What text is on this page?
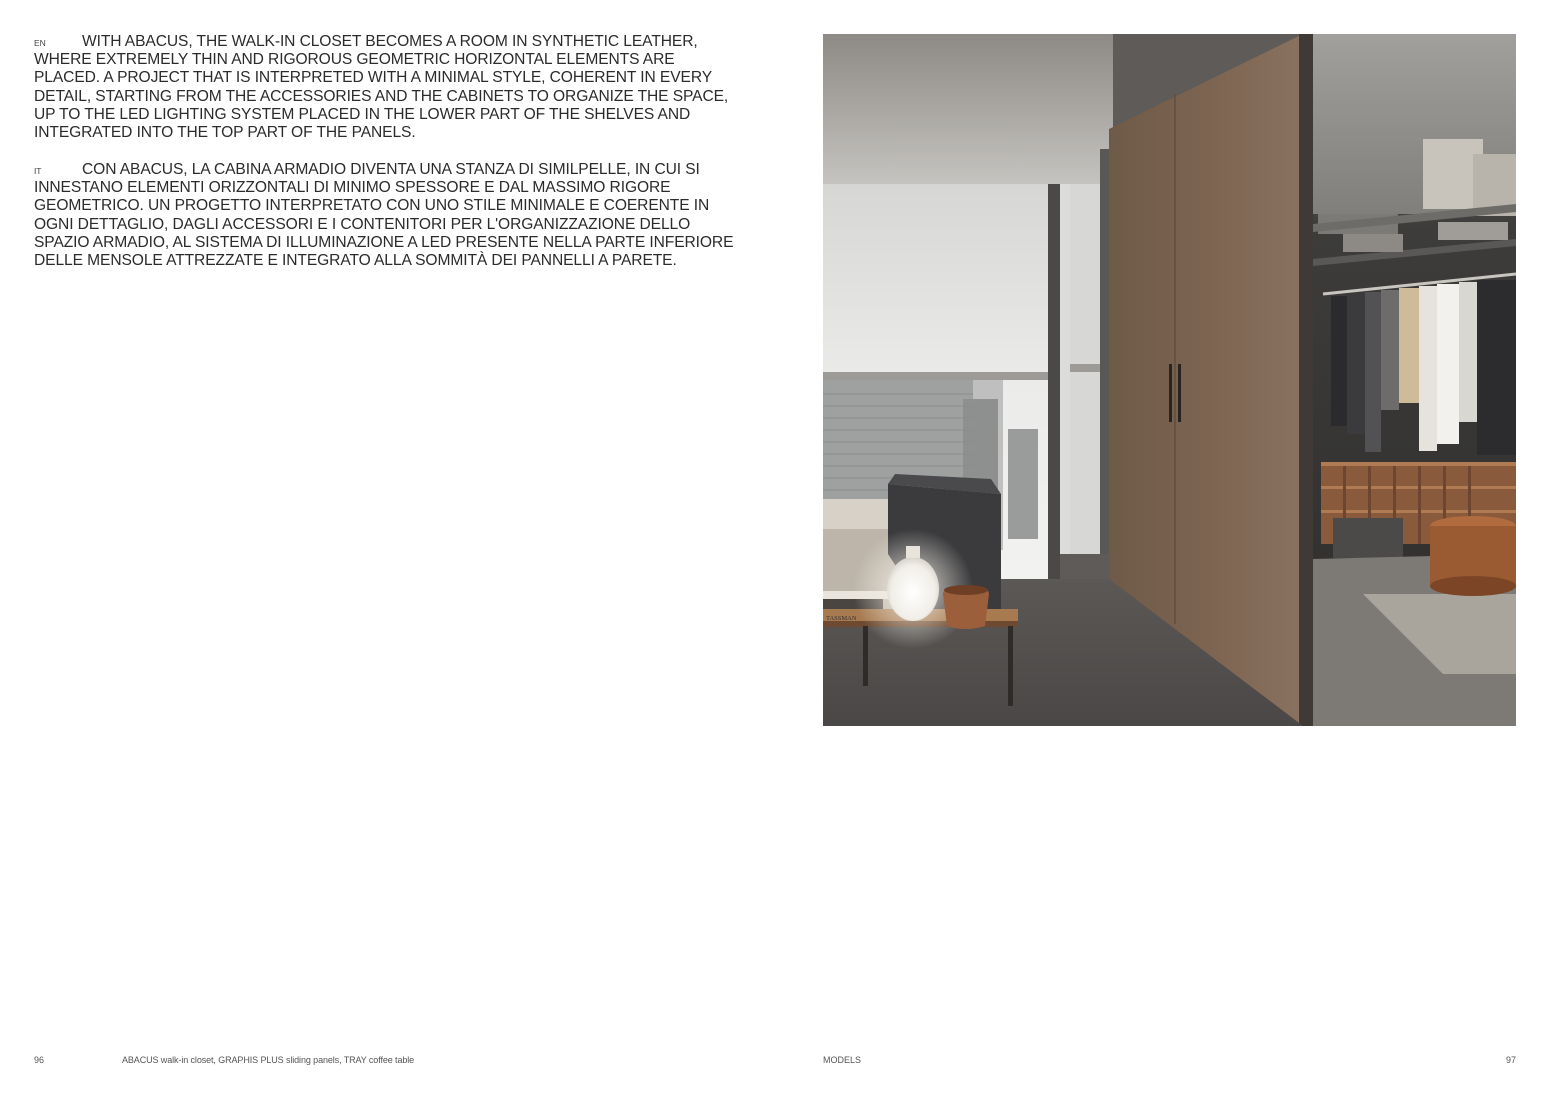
EN WITH ABACUS, THE WALK-IN CLOSET BECOMES A ROOM IN SYNTHETIC LEATHER, WHERE EXTREMELY THIN AND RIGOROUS GEOMETRIC HORIZONTAL ELEMENTS ARE PLACED. A PROJECT THAT IS INTERPRETED WITH A MINIMAL STYLE, COHERENT IN EVERY DETAIL, STARTING FROM THE ACCESSORIES AND THE CABINETS TO ORGANIZE THE SPACE, UP TO THE LED LIGHTING SYSTEM PLACED IN THE LOWER PART OF THE SHELVES AND INTEGRATED INTO THE TOP PART OF THE PANELS.

IT	CON ABACUS, LA CABINA ARMADIO DIVENTA UNA STANZA DI SIMILPELLE, IN CUI SI INNESTANO ELEMENTI ORIZZONTALI DI MINIMO SPESSORE E DAL MASSIMO RIGORE GEOMETRICO. UN PROGETTO INTERPRETATO CON UNO STILE MINIMALE E COERENTE IN OGNI DETTAGLIO, DAGLI ACCESSORI E I CONTENITORI PER L'ORGANIZZAZIONE DELLO SPAZIO ARMADIO, AL SISTEMA DI ILLUMINAZIONE A LED PRESENTE NELLA PARTE INFERIORE DELLE MENSOLE ATTREZZATE E INTEGRATO ALLA SOMMITÀ DEI PANNELLI A PARETE.

96	ABACUS walk-in closet, GRAPHIS PLUS sliding panels, TRAY coffee table
TASSMAN
MODELS	97
